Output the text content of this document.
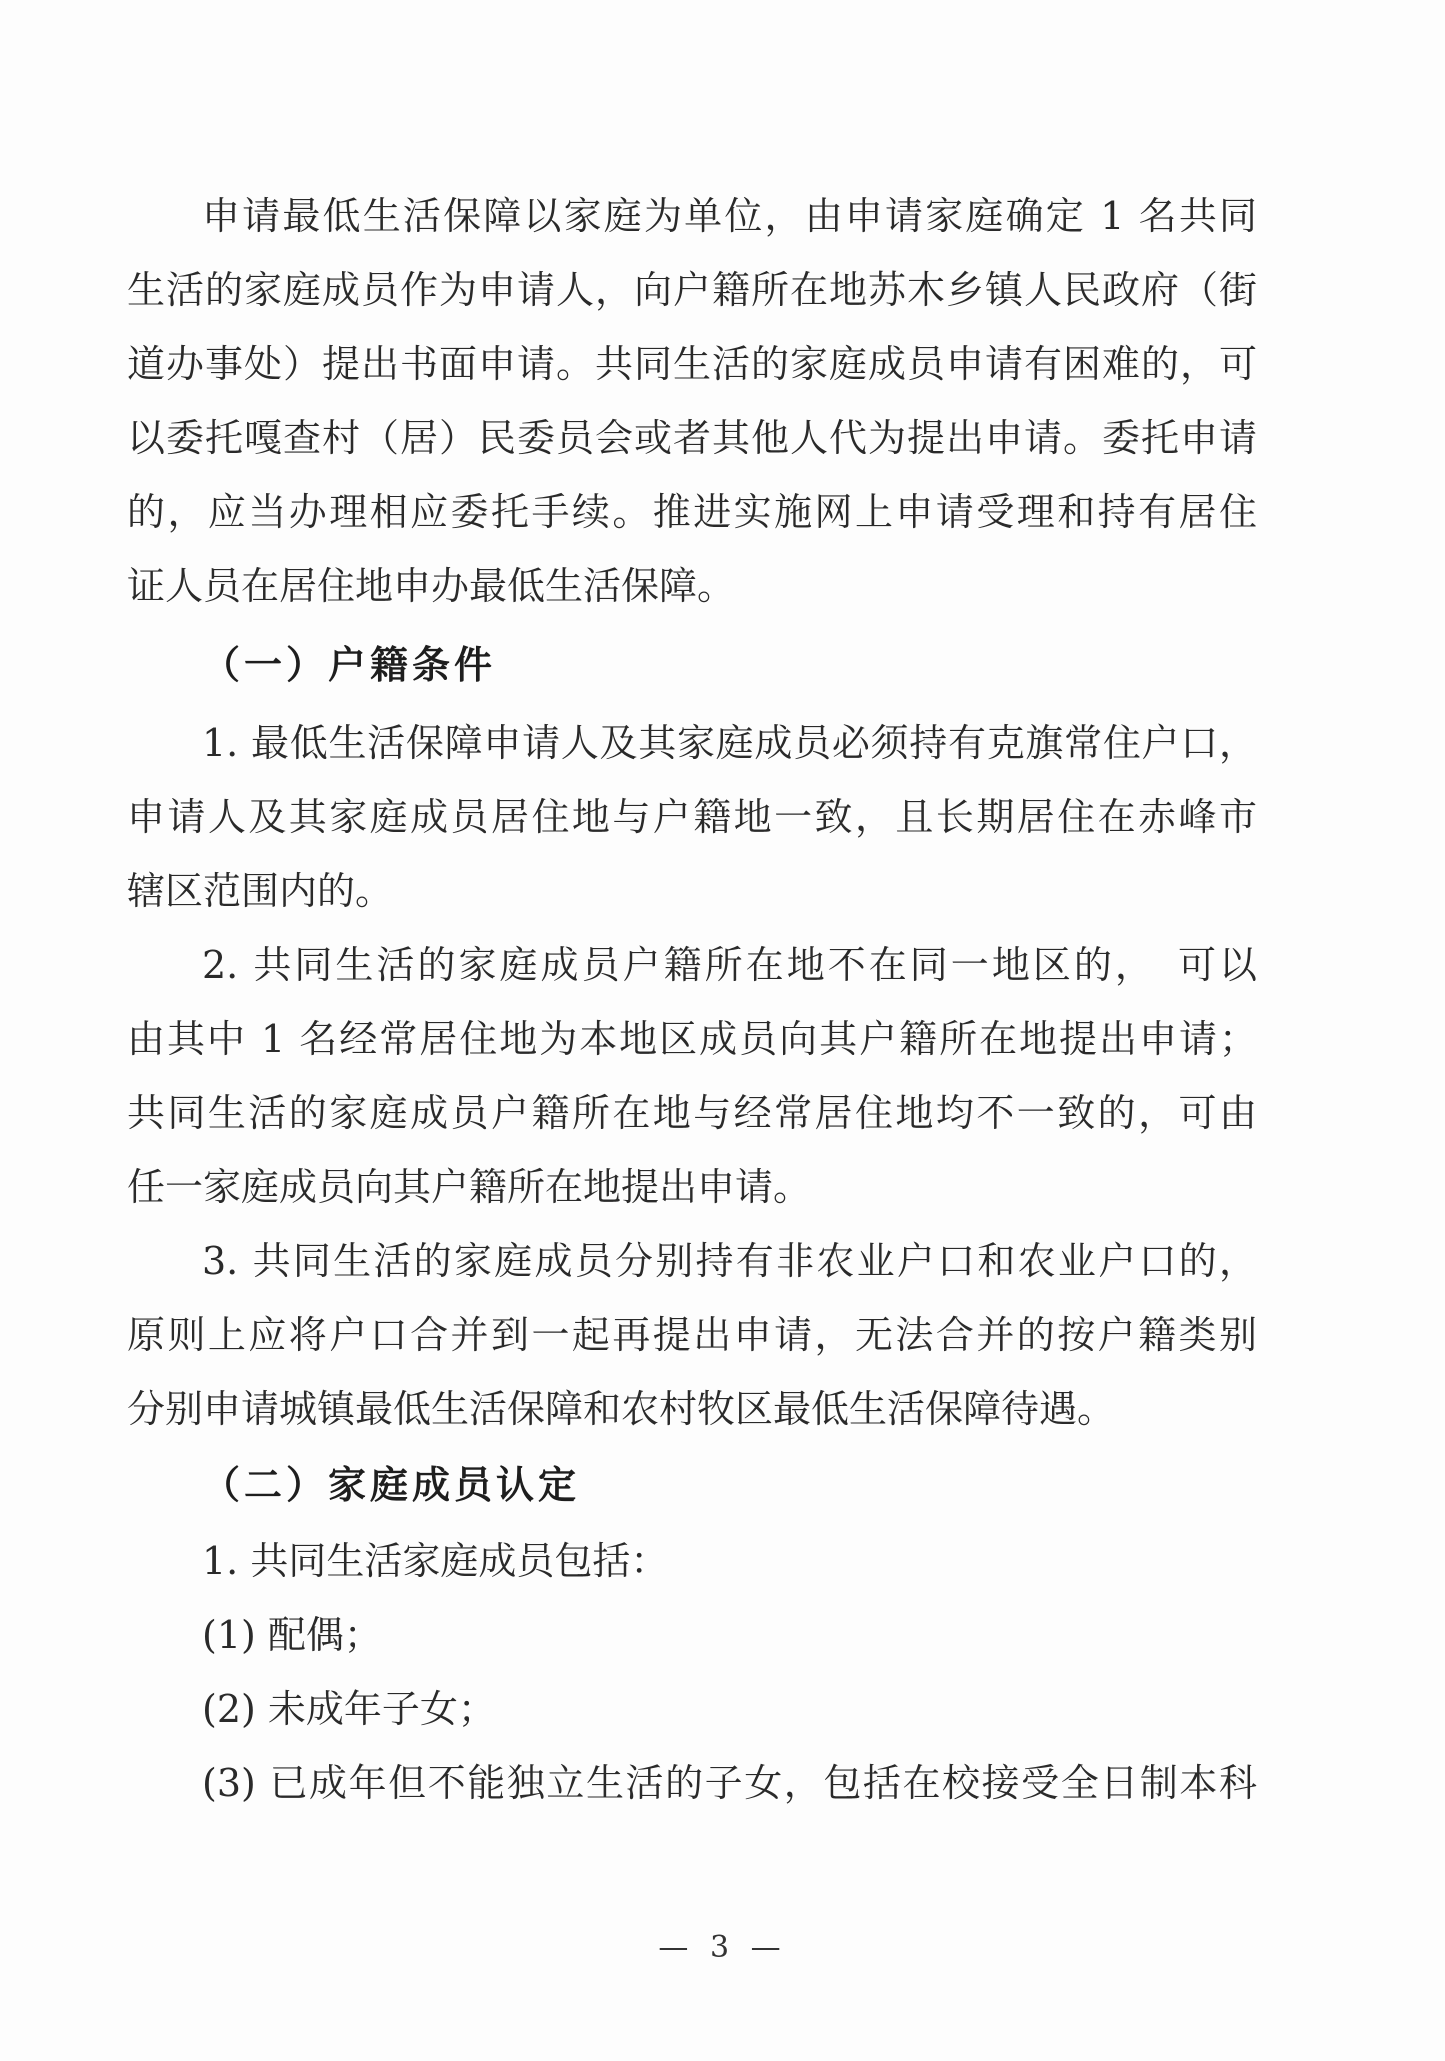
申请最低生活保障以家庭为单位，由申请家庭确定 1 名共同
生活的家庭成员作为申请人，向户籍所在地苏木乡镇人民政府（街
道办事处）提出书面申请。共同生活的家庭成员申请有困难的，可
以委托嘎查村（居）民委员会或者其他人代为提出申请。委托申请
的，应当办理相应委托手续。推进实施网上申请受理和持有居住
证人员在居住地申办最低生活保障。
（一）户籍条件
1. 最低生活保障申请人及其家庭成员必须持有克旗常住户口，
申请人及其家庭成员居住地与户籍地一致，且长期居住在赤峰市
辖区范围内的。
2. 共同生活的家庭成员户籍所在地不在同一地区的，　可以
由其中 1 名经常居住地为本地区成员向其户籍所在地提出申请；
共同生活的家庭成员户籍所在地与经常居住地均不一致的，可由
任一家庭成员向其户籍所在地提出申请。
3. 共同生活的家庭成员分别持有非农业户口和农业户口的，
原则上应将户口合并到一起再提出申请，无法合并的按户籍类别
分别申请城镇最低生活保障和农村牧区最低生活保障待遇。
（二）家庭成员认定
1. 共同生活家庭成员包括：
(1) 配偶；
(2) 未成年子女；
(3) 已成年但不能独立生活的子女，包括在校接受全日制本科
— 3 —
